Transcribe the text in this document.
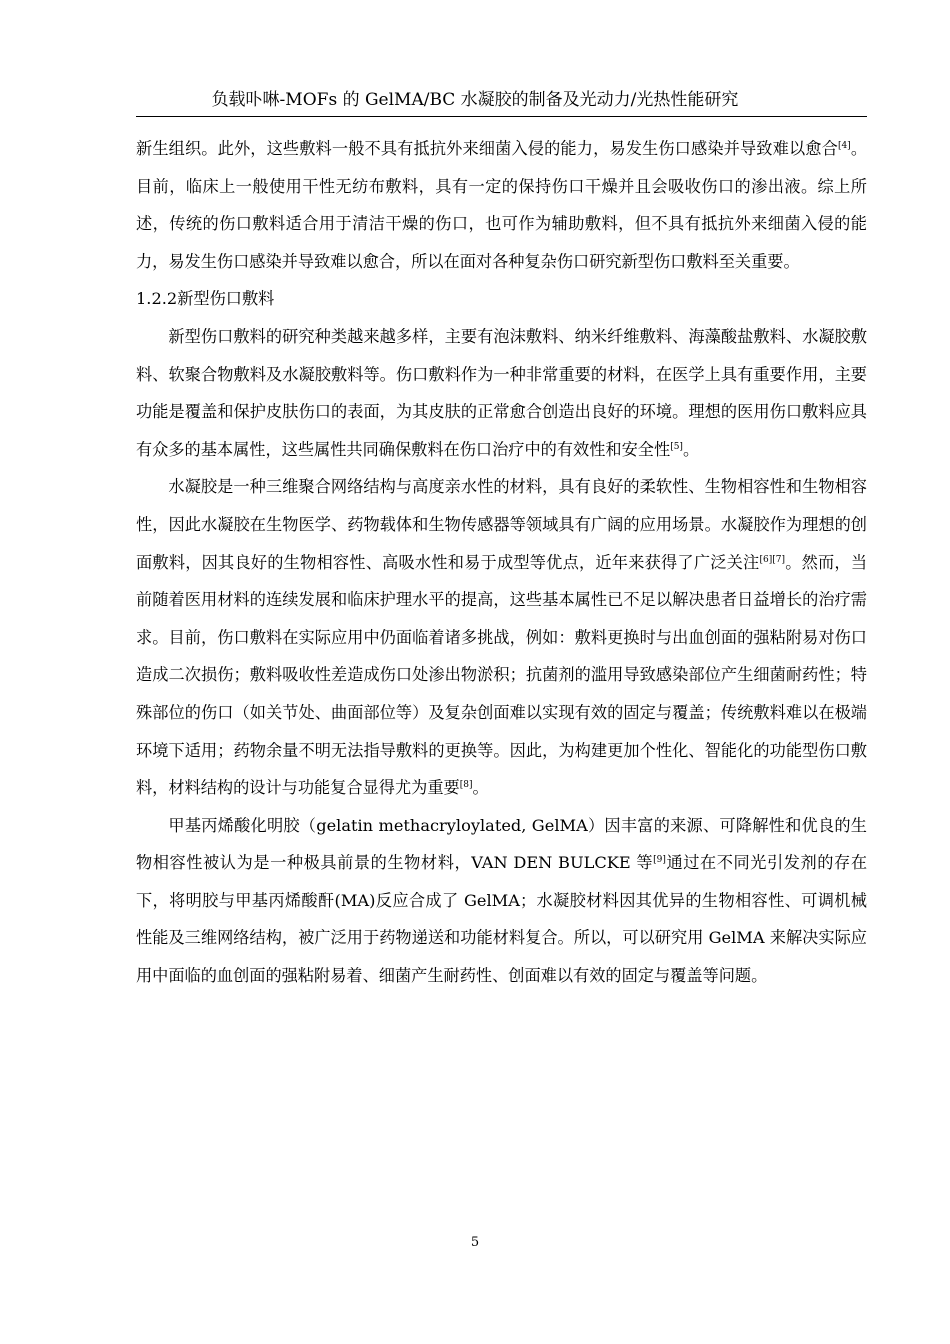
负载卟啉-MOFs 的 GelMA/BC 水凝胶的制备及光动力/光热性能研究

新生组织。此外，这些敷料一般不具有抵抗外来细菌入侵的能力，易发生伤口感染并导致难以愈合[4]。目前，临床上一般使用干性无纺布敷料，具有一定的保持伤口干燥并且会吸收伤口的渗出液。综上所述，传统的伤口敷料适合用于清洁干燥的伤口，也可作为辅助敷料，但不具有抵抗外来细菌入侵的能力，易发生伤口感染并导致难以愈合，所以在面对各种复杂伤口研究新型伤口敷料至关重要。

1.2.2新型伤口敷料

新型伤口敷料的研究种类越来越多样，主要有泡沫敷料、纳米纤维敷料、海藻酸盐敷料、水凝胶敷料、软聚合物敷料及水凝胶敷料等。伤口敷料作为一种非常重要的材料，在医学上具有重要作用，主要功能是覆盖和保护皮肤伤口的表面，为其皮肤的正常愈合创造出良好的环境。理想的医用伤口敷料应具有众多的基本属性，这些属性共同确保敷料在伤口治疗中的有效性和安全性[5]。

水凝胶是一种三维聚合网络结构与高度亲水性的材料，具有良好的柔软性、生物相容性和生物相容性，因此水凝胶在生物医学、药物载体和生物传感器等领域具有广阔的应用场景。水凝胶作为理想的创面敷料，因其良好的生物相容性、高吸水性和易于成型等优点，近年来获得了广泛关注[6][7]。然而，当前随着医用材料的连续发展和临床护理水平的提高，这些基本属性已不足以解决患者日益增长的治疗需求。目前，伤口敷料在实际应用中仍面临着诸多挑战，例如：敷料更换时与出血创面的强粘附易对伤口造成二次损伤；敷料吸收性差造成伤口处渗出物淤积；抗菌剂的滥用导致感染部位产生细菌耐药性；特殊部位的伤口（如关节处、曲面部位等）及复杂创面难以实现有效的固定与覆盖；传统敷料难以在极端环境下适用；药物余量不明无法指导敷料的更换等。因此，为构建更加个性化、智能化的功能型伤口敷料，材料结构的设计与功能复合显得尤为重要[8]。

甲基丙烯酸化明胶（gelatin methacryloylated, GelMA）因丰富的来源、可降解性和优良的生物相容性被认为是一种极具前景的生物材料，VAN DEN BULCKE 等[9]通过在不同光引发剂的存在下，将明胶与甲基丙烯酸酐(MA)反应合成了 GelMA；水凝胶材料因其优异的生物相容性、可调机械性能及三维网络结构，被广泛用于药物递送和功能材料复合。所以，可以研究用 GelMA 来解决实际应用中面临的血创面的强粘附易着、细菌产生耐药性、创面难以有效的固定与覆盖等问题。

5
